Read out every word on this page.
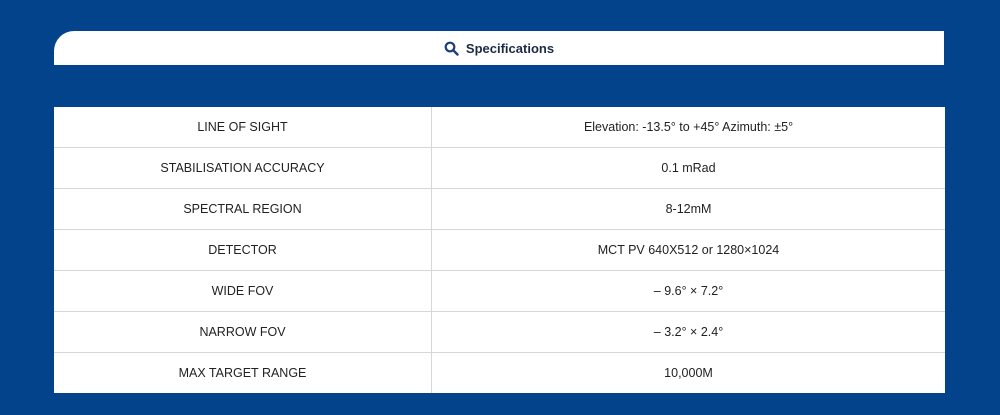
Specifications
LINE OF SIGHT	Elevation: -13.5° to +45° Azimuth: ±5°
STABILISATION ACCURACY	0.1 mRad
SPECTRAL REGION	8-12mM
DETECTOR	MCT PV 640X512 or 1280×1024
WIDE FOV	– 9.6° × 7.2°
NARROW FOV	– 3.2° × 2.4°
MAX TARGET RANGE	10,000M
